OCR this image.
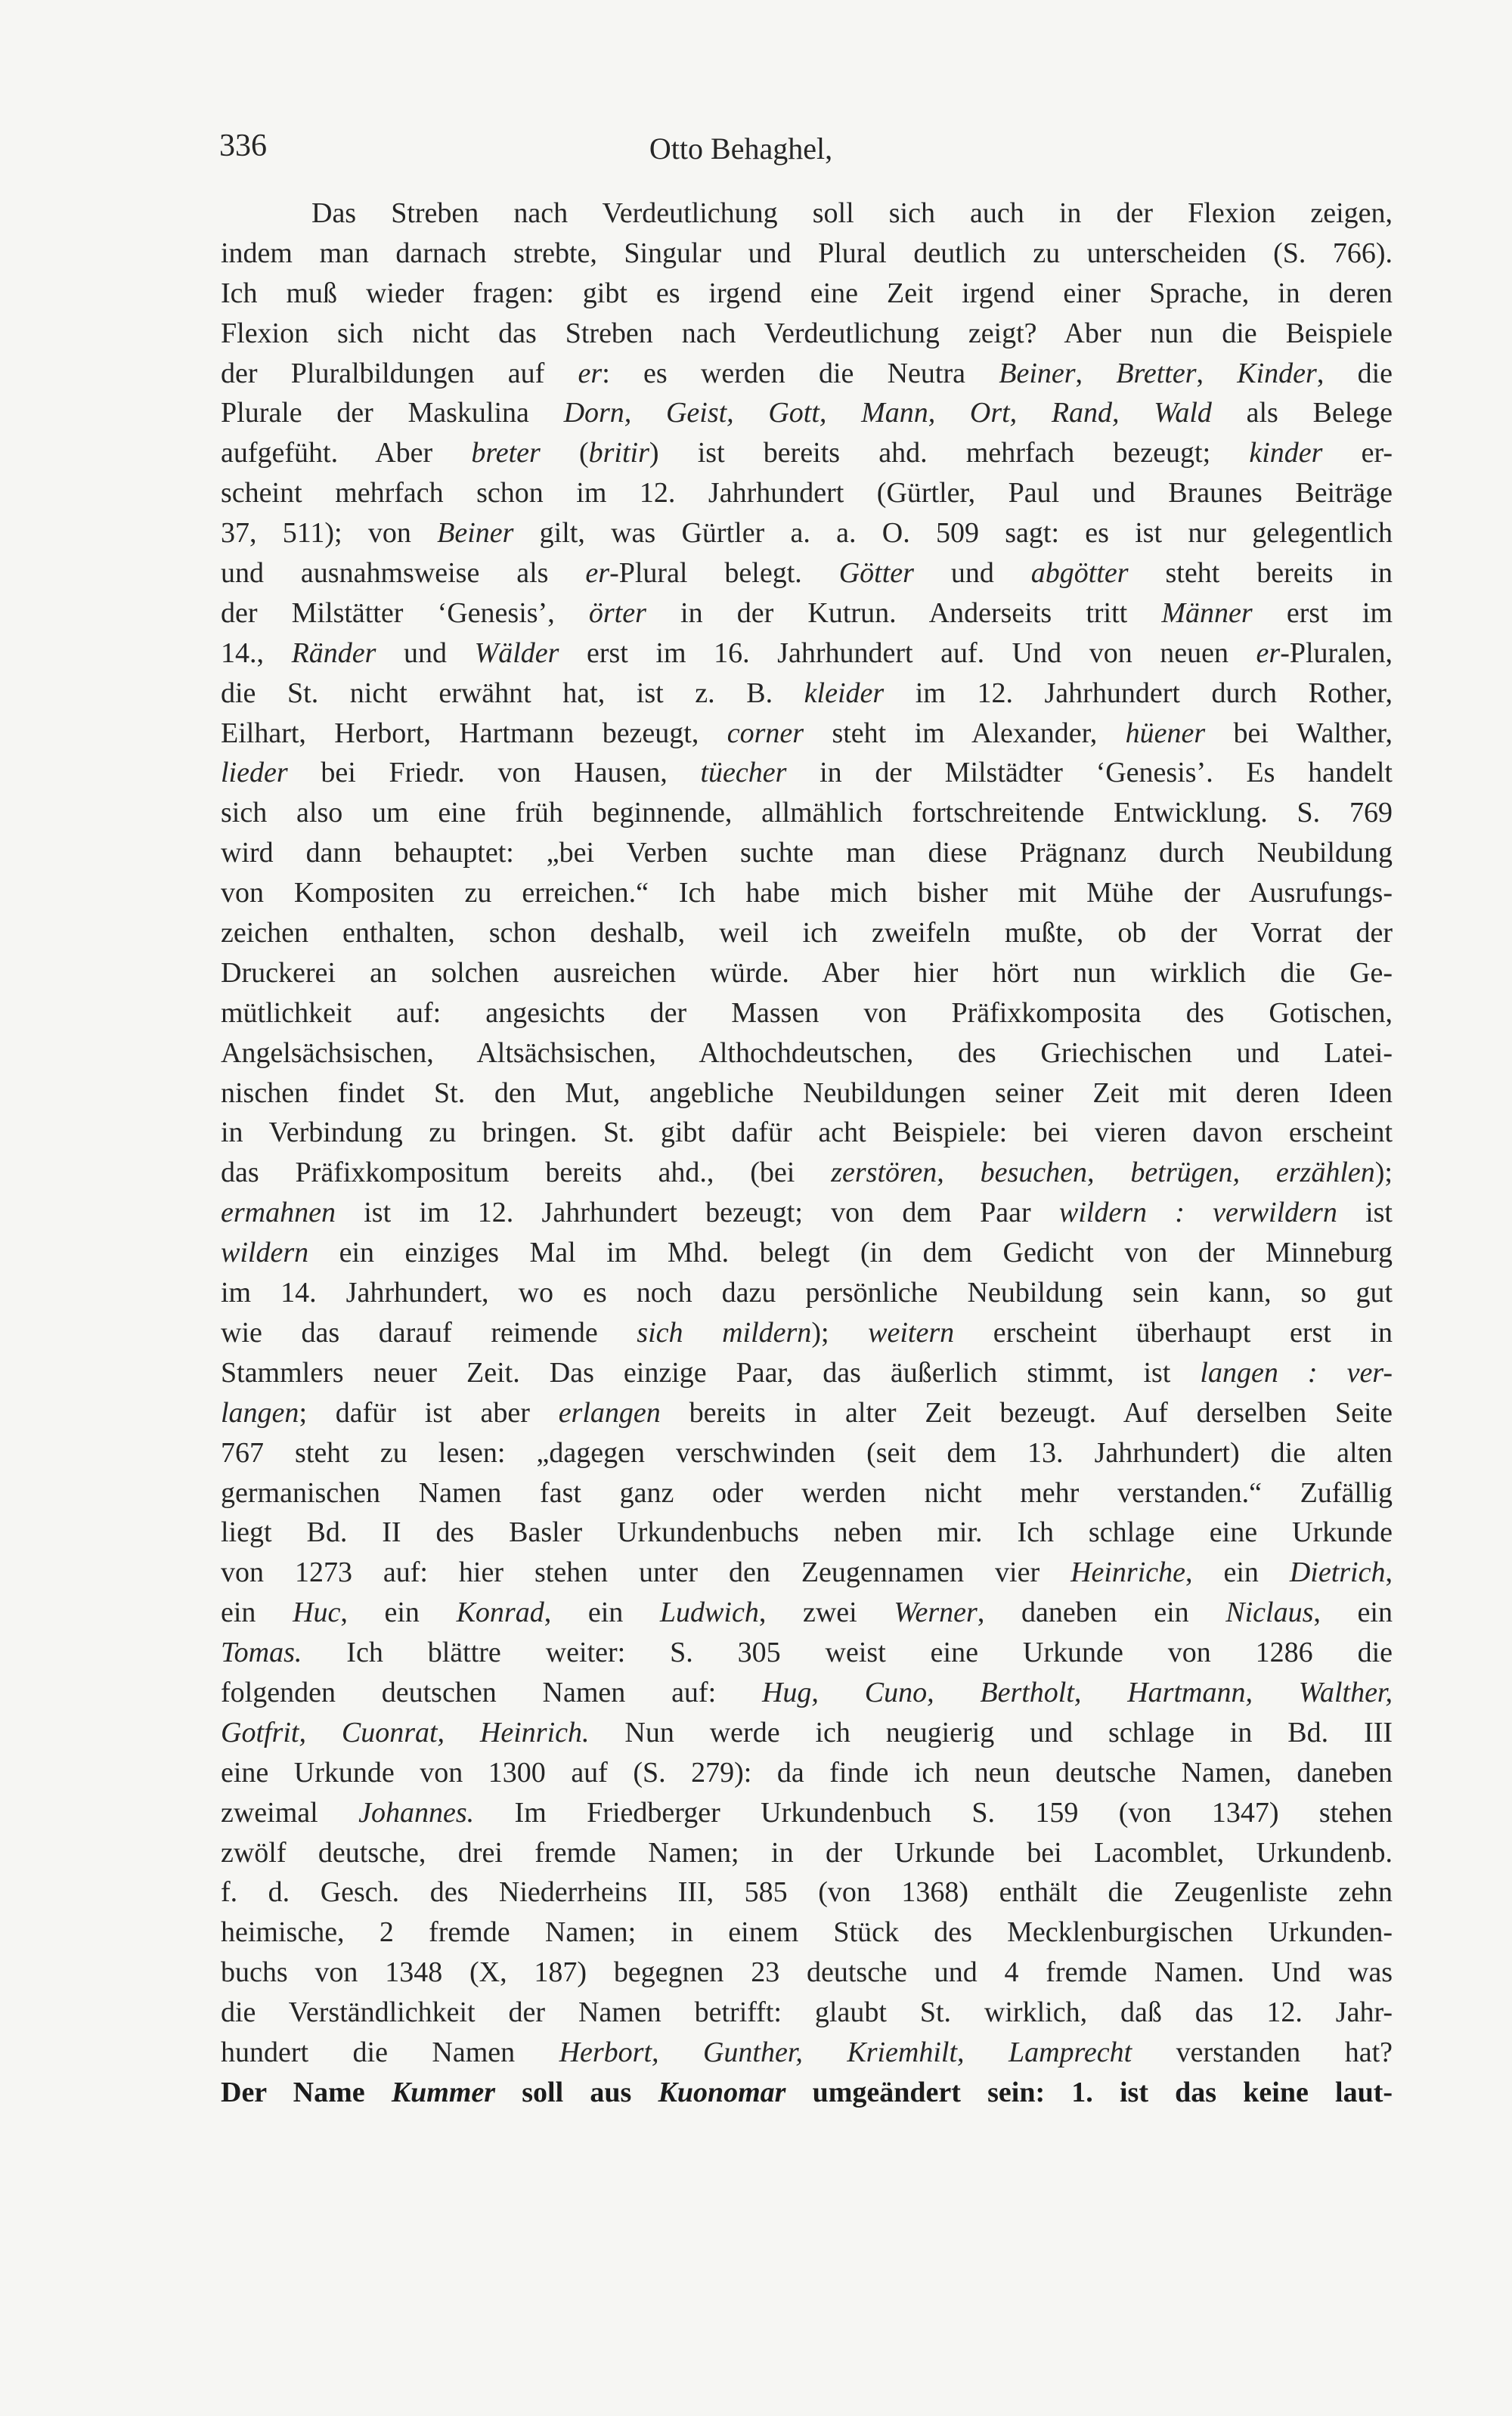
336	Otto Behaghel,
Das Streben nach Verdeutlichung soll sich auch in der Flexion zeigen,
indem man darnach strebte, Singular und Plural deutlich zu unterscheiden (S. 766).
Ich muß wieder fragen: gibt es irgend eine Zeit irgend einer Sprache, in deren
Flexion sich nicht das Streben nach Verdeutlichung zeigt? Aber nun die Beispiele
der Pluralbildungen auf er: es werden die Neutra Beiner, Bretter, Kinder, die
Plurale der Maskulina Dorn, Geist, Gott, Mann, Ort, Rand, Wald als Belege
aufgefüht. Aber breter (britir) ist bereits ahd. mehrfach bezeugt; kinder er-
scheint mehrfach schon im 12. Jahrhundert (Gürtler, Paul und Braunes Beiträge
37, 511); von Beiner gilt, was Gürtler a. a. O. 509 sagt: es ist nur gelegentlich
und ausnahmsweise als er-Plural belegt. Götter und abgötter steht bereits in
der Milstätter ‘Genesis’, örter in der Kutrun. Anderseits tritt Männer erst im
14., Ränder und Wälder erst im 16. Jahrhundert auf. Und von neuen er-Pluralen,
die St. nicht erwähnt hat, ist z. B. kleider im 12. Jahrhundert durch Rother,
Eilhart, Herbort, Hartmann bezeugt, corner steht im Alexander, hüener bei Walther,
lieder bei Friedr. von Hausen, tüecher in der Milstädter ‘Genesis’. Es handelt
sich also um eine früh beginnende, allmählich fortschreitende Entwicklung. S. 769
wird dann behauptet: „bei Verben suchte man diese Prägnanz durch Neubildung
von Kompositen zu erreichen.“ Ich habe mich bisher mit Mühe der Ausrufungs-
zeichen enthalten, schon deshalb, weil ich zweifeln mußte, ob der Vorrat der
Druckerei an solchen ausreichen würde. Aber hier hört nun wirklich die Ge-
mütlichkeit auf: angesichts der Massen von Präfixkomposita des Gotischen,
Angelsächsischen, Altsächsischen, Althochdeutschen, des Griechischen und Latei-
nischen findet St. den Mut, angebliche Neubildungen seiner Zeit mit deren Ideen
in Verbindung zu bringen. St. gibt dafür acht Beispiele: bei vieren davon erscheint
das Präfixkompositum bereits ahd., (bei zerstören, besuchen, betrügen, erzählen);
ermahnen ist im 12. Jahrhundert bezeugt; von dem Paar wildern : verwildern ist
wildern ein einziges Mal im Mhd. belegt (in dem Gedicht von der Minneburg
im 14. Jahrhundert, wo es noch dazu persönliche Neubildung sein kann, so gut
wie das darauf reimende sich mildern); weitern erscheint überhaupt erst in
Stammlers neuer Zeit. Das einzige Paar, das äußerlich stimmt, ist langen : ver-
langen; dafür ist aber erlangen bereits in alter Zeit bezeugt. Auf derselben Seite
767 steht zu lesen: „dagegen verschwinden (seit dem 13. Jahrhundert) die alten
germanischen Namen fast ganz oder werden nicht mehr verstanden.“ Zufällig
liegt Bd. II des Basler Urkundenbuchs neben mir. Ich schlage eine Urkunde
von 1273 auf: hier stehen unter den Zeugennamen vier Heinriche, ein Dietrich,
ein Huc, ein Konrad, ein Ludwich, zwei Werner, daneben ein Niclaus, ein
Tomas. Ich blättre weiter: S. 305 weist eine Urkunde von 1286 die
folgenden deutschen Namen auf: Hug, Cuno, Bertholt, Hartmann, Walther,
Gotfrit, Cuonrat, Heinrich. Nun werde ich neugierig und schlage in Bd. III
eine Urkunde von 1300 auf (S. 279): da finde ich neun deutsche Namen, daneben
zweimal Johannes. Im Friedberger Urkundenbuch S. 159 (von 1347) stehen
zwölf deutsche, drei fremde Namen; in der Urkunde bei Lacomblet, Urkundenb.
f. d. Gesch. des Niederrheins III, 585 (von 1368) enthält die Zeugenliste zehn
heimische, 2 fremde Namen; in einem Stück des Mecklenburgischen Urkunden-
buchs von 1348 (X, 187) begegnen 23 deutsche und 4 fremde Namen. Und was
die Verständlichkeit der Namen betrifft: glaubt St. wirklich, daß das 12. Jahr-
hundert die Namen Herbort, Gunther, Kriemhilt, Lamprecht verstanden hat?
Der Name Kummer soll aus Kuonomar umgeändert sein: 1. ist das keine laut-
